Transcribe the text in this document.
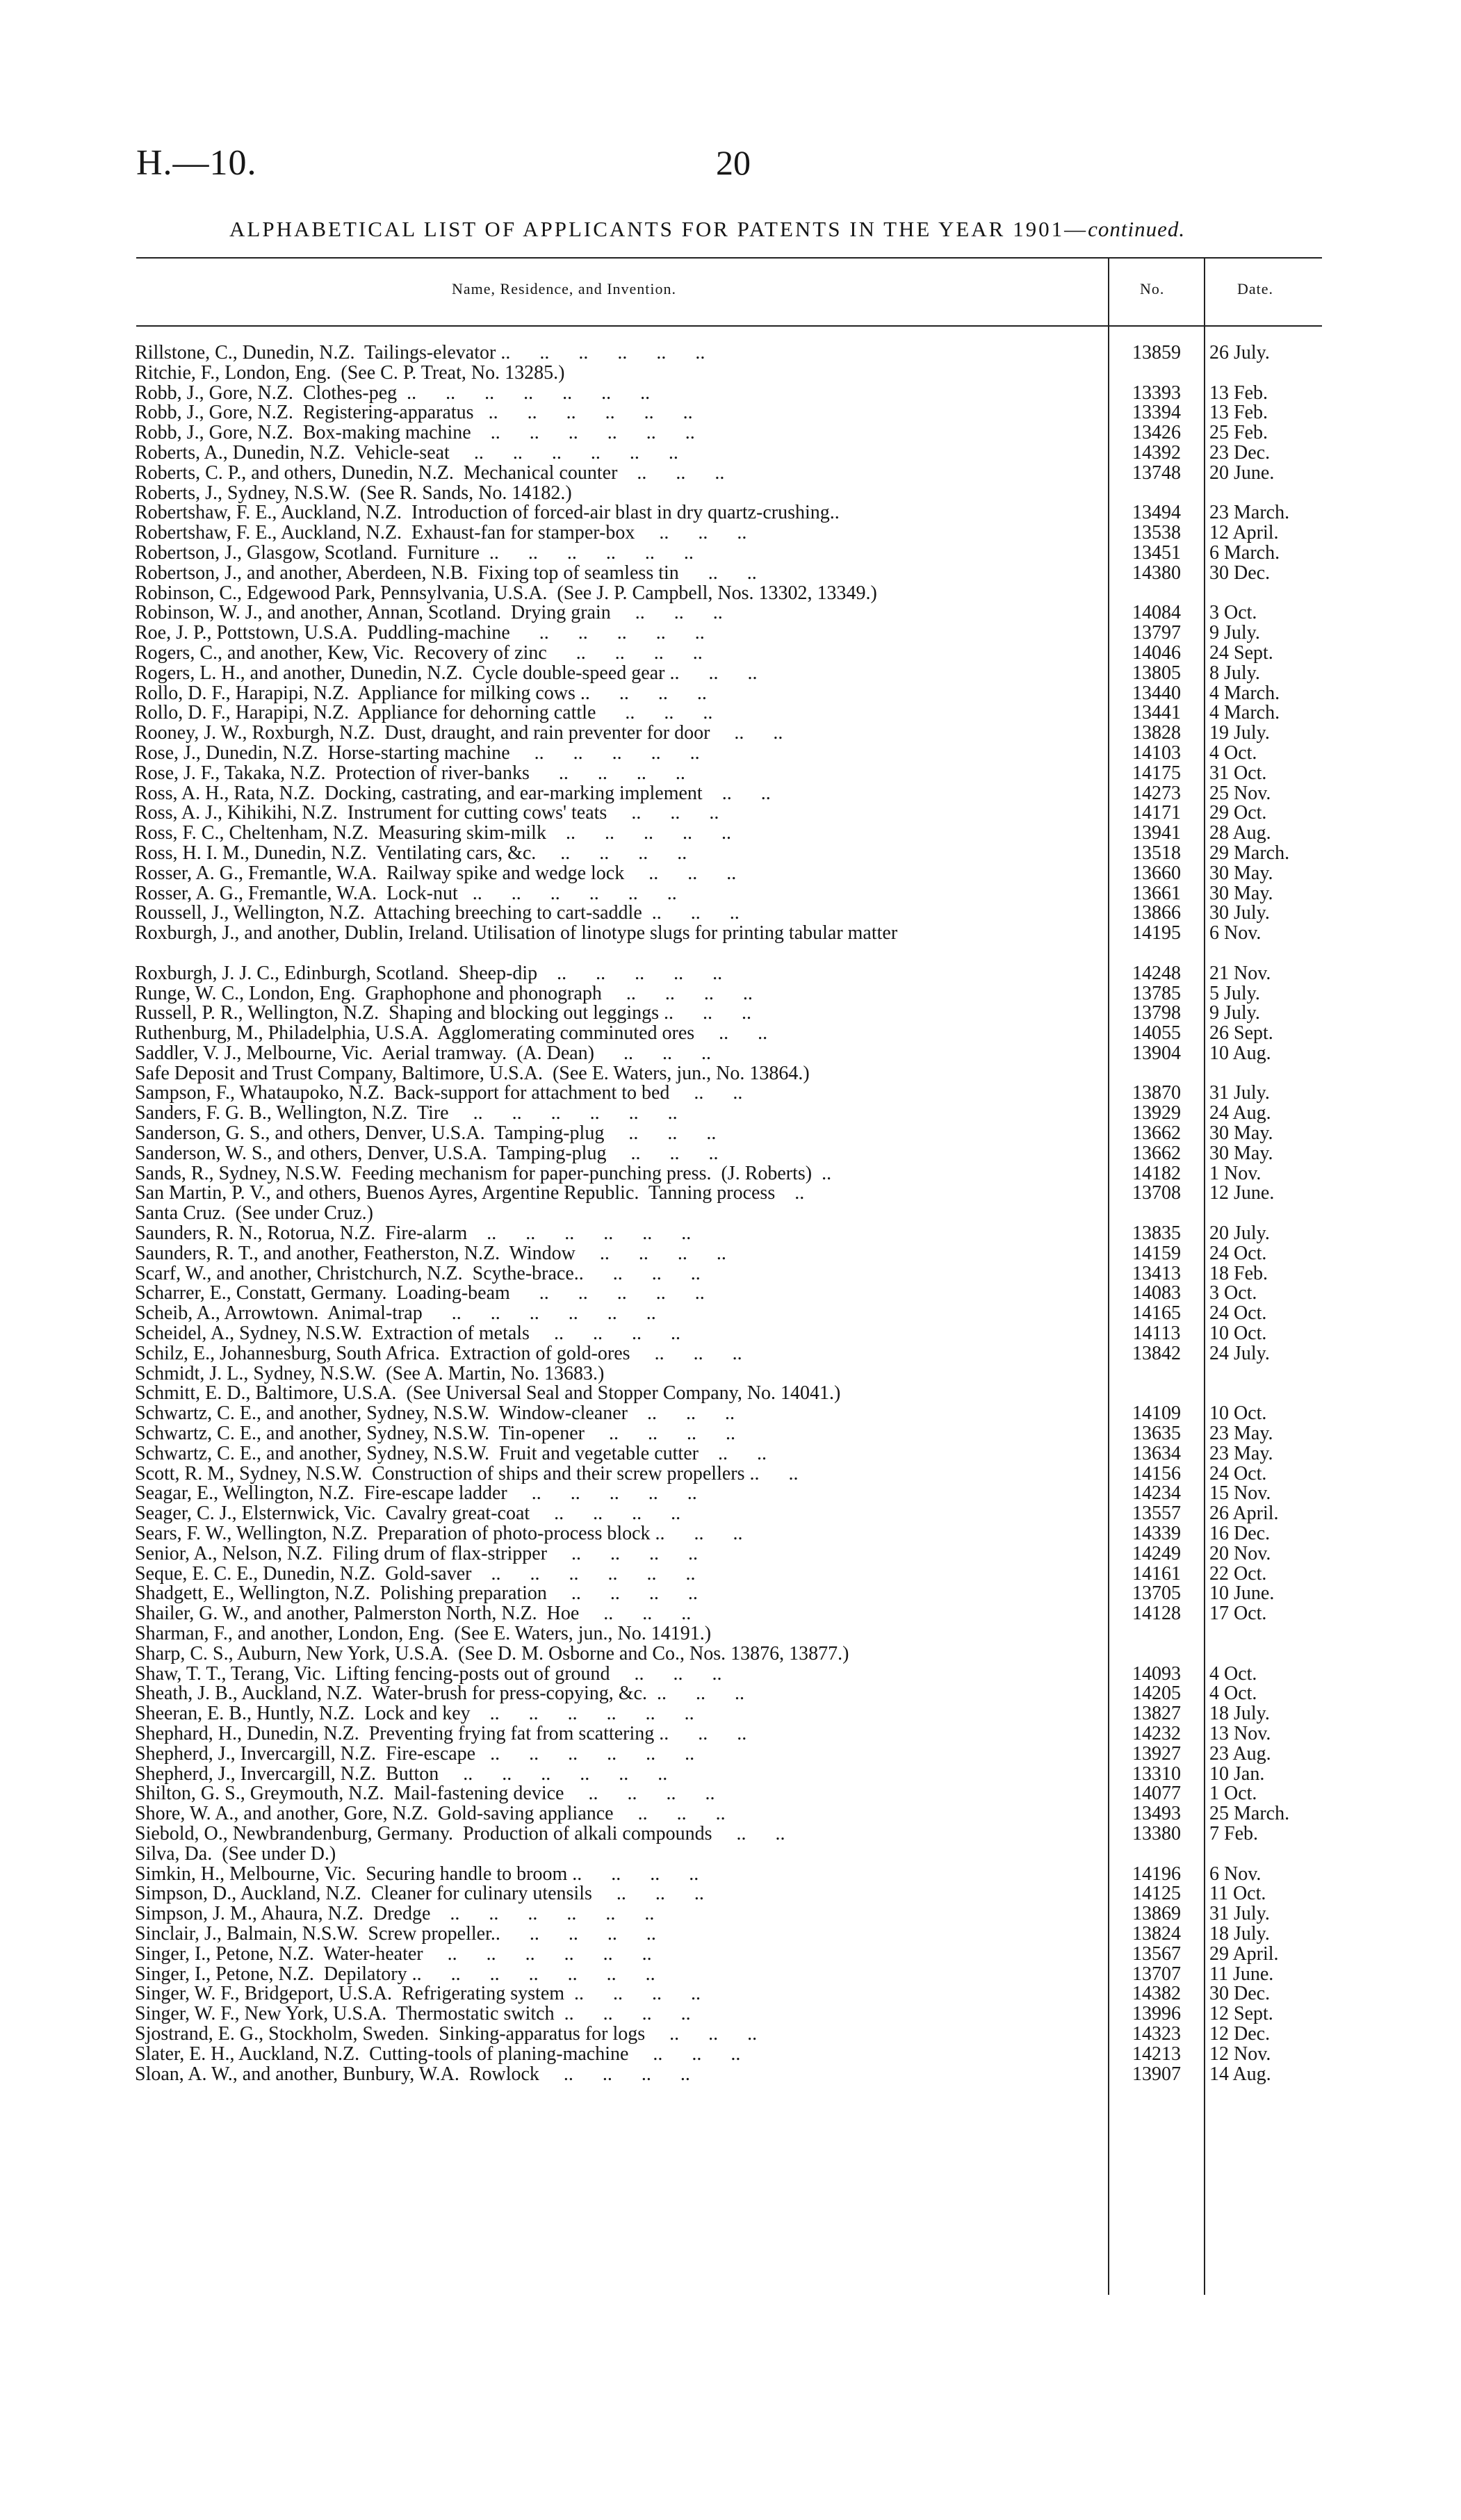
H.—10.	20
ALPHABETICAL LIST OF APPLICANTS FOR PATENTS IN THE YEAR 1901—continued.
Name, Residence, and Invention.	No.	Date.
Rillstone, C., Dunedin, N.Z.  Tailings-elevator ..      ..      ..      ..      ..      ..	13859	26 July.
Ritchie, F., London, Eng.  (See C. P. Treat, No. 13285.)
Robb, J., Gore, N.Z.  Clothes-peg  ..      ..      ..      ..      ..      ..      ..	13393	13 Feb.
Robb, J., Gore, N.Z.  Registering-apparatus   ..      ..      ..      ..      ..      ..	13394	13 Feb.
Robb, J., Gore, N.Z.  Box-making machine    ..      ..      ..      ..      ..      ..	13426	25 Feb.
Roberts, A., Dunedin, N.Z.  Vehicle-seat     ..      ..      ..      ..      ..      ..	14392	23 Dec.
Roberts, C. P., and others, Dunedin, N.Z.  Mechanical counter    ..      ..      ..	13748	20 June.
Roberts, J., Sydney, N.S.W.  (See R. Sands, No. 14182.)
Robertshaw, F. E., Auckland, N.Z.  Introduction of forced-air blast in dry quartz-crushing..	13494	23 March.
Robertshaw, F. E., Auckland, N.Z.  Exhaust-fan for stamper-box     ..      ..      ..	13538	12 April.
Robertson, J., Glasgow, Scotland.  Furniture  ..      ..      ..      ..      ..      ..	13451	6 March.
Robertson, J., and another, Aberdeen, N.B.  Fixing top of seamless tin      ..      ..	14380	30 Dec.
Robinson, C., Edgewood Park, Pennsylvania, U.S.A.  (See J. P. Campbell, Nos. 13302, 13349.)
Robinson, W. J., and another, Annan, Scotland.  Drying grain     ..      ..      ..	14084	3 Oct.
Roe, J. P., Pottstown, U.S.A.  Puddling-machine      ..      ..      ..      ..      ..	13797	9 July.
Rogers, C., and another, Kew, Vic.  Recovery of zinc      ..      ..      ..      ..	14046	24 Sept.
Rogers, L. H., and another, Dunedin, N.Z.  Cycle double-speed gear ..      ..      ..	13805	8 July.
Rollo, D. F., Harapipi, N.Z.  Appliance for milking cows ..      ..      ..      ..	13440	4 March.
Rollo, D. F., Harapipi, N.Z.  Appliance for dehorning cattle      ..      ..      ..	13441	4 March.
Rooney, J. W., Roxburgh, N.Z.  Dust, draught, and rain preventer for door     ..      ..	13828	19 July.
Rose, J., Dunedin, N.Z.  Horse-starting machine     ..      ..      ..      ..      ..	14103	4 Oct.
Rose, J. F., Takaka, N.Z.  Protection of river-banks      ..      ..      ..      ..	14175	31 Oct.
Ross, A. H., Rata, N.Z.  Docking, castrating, and ear-marking implement    ..      ..	14273	25 Nov.
Ross, A. J., Kihikihi, N.Z.  Instrument for cutting cows' teats     ..      ..      ..	14171	29 Oct.
Ross, F. C., Cheltenham, N.Z.  Measuring skim-milk    ..      ..      ..      ..      ..	13941	28 Aug.
Ross, H. I. M., Dunedin, N.Z.  Ventilating cars, &c.     ..      ..      ..      ..	13518	29 March.
Rosser, A. G., Fremantle, W.A.  Railway spike and wedge lock     ..      ..      ..	13660	30 May.
Rosser, A. G., Fremantle, W.A.  Lock-nut   ..      ..      ..      ..      ..      ..	13661	30 May.
Roussell, J., Wellington, N.Z.  Attaching breeching to cart-saddle  ..      ..      ..	13866	30 July.
Roxburgh, J., and another, Dublin, Ireland. Utilisation of linotype slugs for printing tabular matter	14195	6 Nov.
Roxburgh, J. J. C., Edinburgh, Scotland.  Sheep-dip    ..      ..      ..      ..      ..	14248	21 Nov.
Runge, W. C., London, Eng.  Graphophone and phonograph     ..      ..      ..      ..	13785	5 July.
Russell, P. R., Wellington, N.Z.  Shaping and blocking out leggings ..      ..      ..	13798	9 July.
Ruthenburg, M., Philadelphia, U.S.A.  Agglomerating comminuted ores     ..      ..	14055	26 Sept.
Saddler, V. J., Melbourne, Vic.  Aerial tramway.  (A. Dean)      ..      ..      ..	13904	10 Aug.
Safe Deposit and Trust Company, Baltimore, U.S.A.  (See E. Waters, jun., No. 13864.)
Sampson, F., Whataupoko, N.Z.  Back-support for attachment to bed     ..      ..	13870	31 July.
Sanders, F. G. B., Wellington, N.Z.  Tire     ..      ..      ..      ..      ..      ..	13929	24 Aug.
Sanderson, G. S., and others, Denver, U.S.A.  Tamping-plug     ..      ..      ..	13662	30 May.
Sanderson, W. S., and others, Denver, U.S.A.  Tamping-plug     ..      ..      ..	13662	30 May.
Sands, R., Sydney, N.S.W.  Feeding mechanism for paper-punching press.  (J. Roberts)  ..	14182	1 Nov.
San Martin, P. V., and others, Buenos Ayres, Argentine Republic.  Tanning process    ..	13708	12 June.
Santa Cruz.  (See under Cruz.)
Saunders, R. N., Rotorua, N.Z.  Fire-alarm    ..      ..      ..      ..      ..      ..	13835	20 July.
Saunders, R. T., and another, Featherston, N.Z.  Window     ..      ..      ..      ..	14159	24 Oct.
Scarf, W., and another, Christchurch, N.Z.  Scythe-brace..      ..      ..      ..	13413	18 Feb.
Scharrer, E., Constatt, Germany.  Loading-beam      ..      ..      ..      ..      ..	14083	3 Oct.
Scheib, A., Arrowtown.  Animal-trap      ..      ..      ..      ..      ..      ..	14165	24 Oct.
Scheidel, A., Sydney, N.S.W.  Extraction of metals     ..      ..      ..      ..	14113	10 Oct.
Schilz, E., Johannesburg, South Africa.  Extraction of gold-ores     ..      ..      ..	13842	24 July.
Schmidt, J. L., Sydney, N.S.W.  (See A. Martin, No. 13683.)
Schmitt, E. D., Baltimore, U.S.A.  (See Universal Seal and Stopper Company, No. 14041.)
Schwartz, C. E., and another, Sydney, N.S.W.  Window-cleaner    ..      ..      ..	14109	10 Oct.
Schwartz, C. E., and another, Sydney, N.S.W.  Tin-opener     ..      ..      ..      ..	13635	23 May.
Schwartz, C. E., and another, Sydney, N.S.W.  Fruit and vegetable cutter    ..      ..	13634	23 May.
Scott, R. M., Sydney, N.S.W.  Construction of ships and their screw propellers ..      ..	14156	24 Oct.
Seagar, E., Wellington, N.Z.  Fire-escape ladder     ..      ..      ..      ..      ..	14234	15 Nov.
Seager, C. J., Elsternwick, Vic.  Cavalry great-coat     ..      ..      ..      ..	13557	26 April.
Sears, F. W., Wellington, N.Z.  Preparation of photo-process block ..      ..      ..	14339	16 Dec.
Senior, A., Nelson, N.Z.  Filing drum of flax-stripper     ..      ..      ..      ..	14249	20 Nov.
Seque, E. C. E., Dunedin, N.Z.  Gold-saver    ..      ..      ..      ..      ..      ..	14161	22 Oct.
Shadgett, E., Wellington, N.Z.  Polishing preparation     ..      ..      ..      ..	13705	10 June.
Shailer, G. W., and another, Palmerston North, N.Z.  Hoe     ..      ..      ..	14128	17 Oct.
Sharman, F., and another, London, Eng.  (See E. Waters, jun., No. 14191.)
Sharp, C. S., Auburn, New York, U.S.A.  (See D. M. Osborne and Co., Nos. 13876, 13877.)
Shaw, T. T., Terang, Vic.  Lifting fencing-posts out of ground     ..      ..      ..	14093	4 Oct.
Sheath, J. B., Auckland, N.Z.  Water-brush for press-copying, &c.  ..      ..      ..	14205	4 Oct.
Sheeran, E. B., Huntly, N.Z.  Lock and key    ..      ..      ..      ..      ..      ..	13827	18 July.
Shephard, H., Dunedin, N.Z.  Preventing frying fat from scattering ..      ..      ..	14232	13 Nov.
Shepherd, J., Invercargill, N.Z.  Fire-escape   ..      ..      ..      ..      ..      ..	13927	23 Aug.
Shepherd, J., Invercargill, N.Z.  Button     ..      ..      ..      ..      ..      ..	13310	10 Jan.
Shilton, G. S., Greymouth, N.Z.  Mail-fastening device     ..      ..      ..      ..	14077	1 Oct.
Shore, W. A., and another, Gore, N.Z.  Gold-saving appliance     ..      ..      ..	13493	25 March.
Siebold, O., Newbrandenburg, Germany.  Production of alkali compounds     ..      ..	13380	7 Feb.
Silva, Da.  (See under D.)
Simkin, H., Melbourne, Vic.  Securing handle to broom ..      ..      ..      ..	14196	6 Nov.
Simpson, D., Auckland, N.Z.  Cleaner for culinary utensils     ..      ..      ..	14125	11 Oct.
Simpson, J. M., Ahaura, N.Z.  Dredge    ..      ..      ..      ..      ..      ..	13869	31 July.
Sinclair, J., Balmain, N.S.W.  Screw propeller..      ..      ..      ..      ..	13824	18 July.
Singer, I., Petone, N.Z.  Water-heater     ..      ..      ..      ..      ..      ..	13567	29 April.
Singer, I., Petone, N.Z.  Depilatory ..      ..      ..      ..      ..      ..      ..	13707	11 June.
Singer, W. F., Bridgeport, U.S.A.  Refrigerating system  ..      ..      ..      ..	14382	30 Dec.
Singer, W. F., New York, U.S.A.  Thermostatic switch  ..      ..      ..      ..	13996	12 Sept.
Sjostrand, E. G., Stockholm, Sweden.  Sinking-apparatus for logs     ..      ..      ..	14323	12 Dec.
Slater, E. H., Auckland, N.Z.  Cutting-tools of planing-machine     ..      ..      ..	14213	12 Nov.
Sloan, A. W., and another, Bunbury, W.A.  Rowlock     ..      ..      ..      ..	13907	14 Aug.
